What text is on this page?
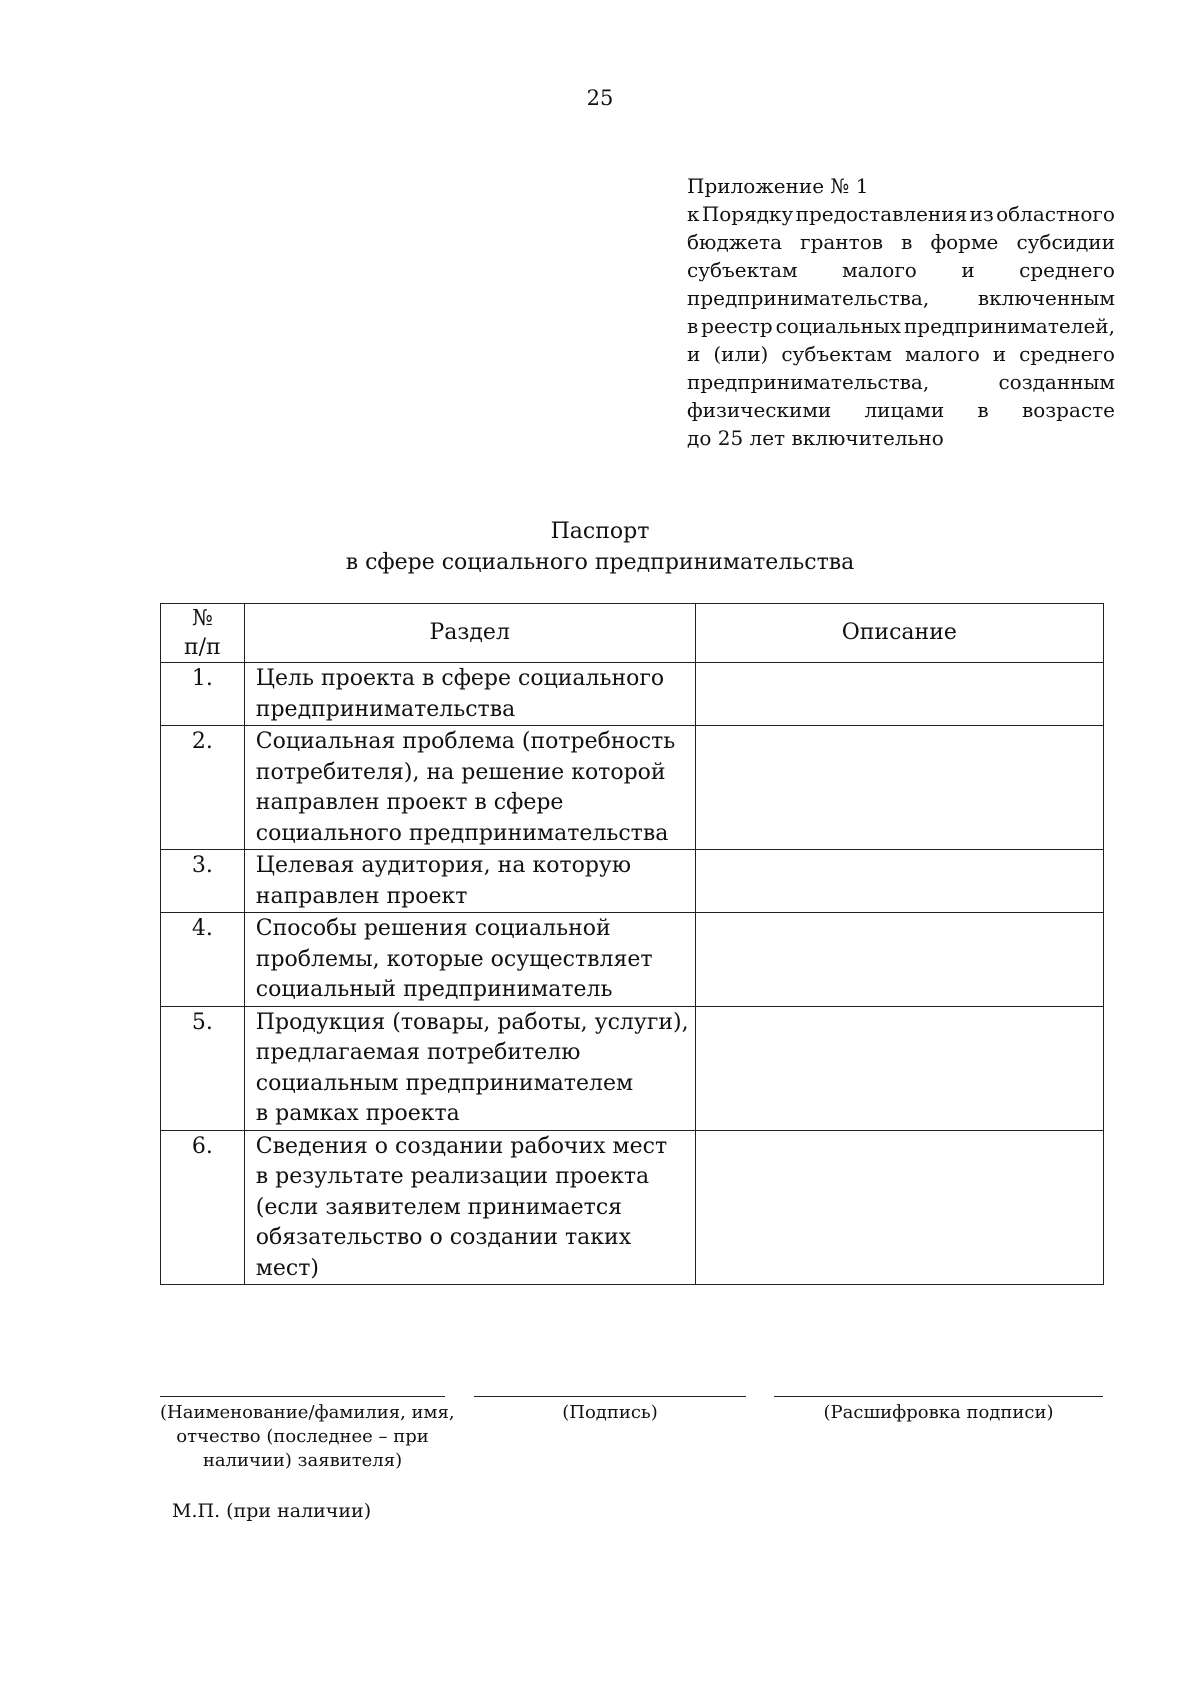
25
Приложение № 1
к Порядку предоставления из областного
бюджета грантов в форме субсидии
субъектам малого и среднего
предпринимательства, включенным
в реестр социальных предпринимателей,
и (или) субъектам малого и среднего
предпринимательства,	созданным
физическими лицами в возрасте
до 25 лет включительно
Паспорт
в сфере социального предпринимательства
№
п/п	Раздел	Описание
1.	Цель проекта в сфере социального
предпринимательства	

2.	Социальная проблема (потребность
потребителя), на решение которой
направлен проект в сфере
социального предпринимательства	

3.	Целевая аудитория, на которую
направлен проект	

4.	Способы решения социальной
проблемы, которые осуществляет
социальный предприниматель	

5.	Продукция (товары, работы, услуги),
предлагаемая потребителю
социальным предпринимателем
в рамках проекта	

6.	Сведения о создании рабочих мест
в результате реализации проекта
(если заявителем принимается
обязательство о создании таких
мест)	

(Наименование/фамилия, имя,
отчество (последнее – при
наличии) заявителя)
(Подпись)	(Расшифровка подписи)
М.П. (при наличии)
